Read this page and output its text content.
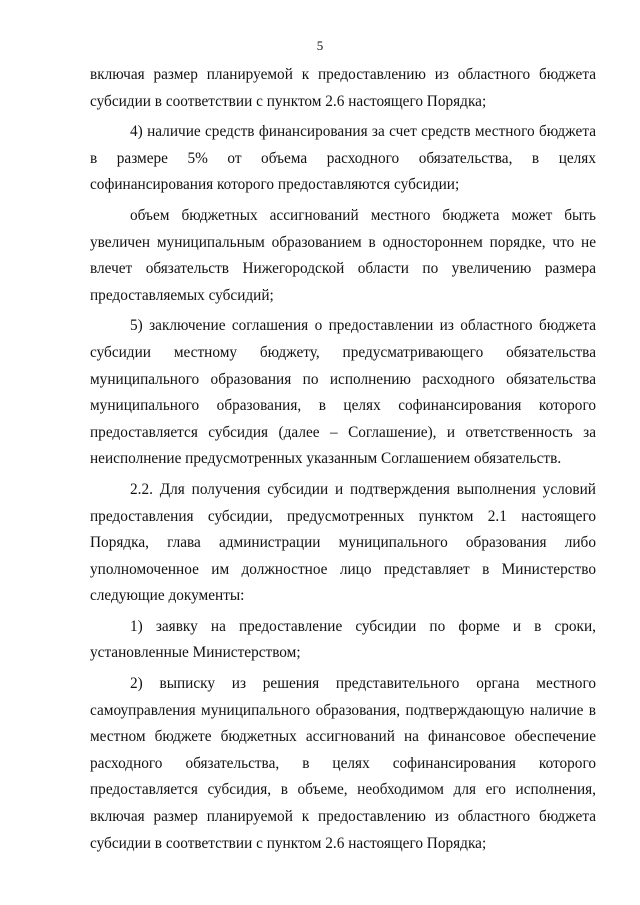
5

включая размер планируемой к предоставлению из областного бюджета субсидии в соответствии с пунктом 2.6 настоящего Порядка;

4) наличие средств финансирования за счет средств местного бюджета в размере 5% от объема расходного обязательства, в целях софинансирования которого предоставляются субсидии;

объем бюджетных ассигнований местного бюджета может быть увеличен муниципальным образованием в одностороннем порядке, что не влечет обязательств Нижегородской области по увеличению размера предоставляемых субсидий;

5) заключение соглашения о предоставлении из областного бюджета субсидии местному бюджету, предусматривающего обязательства муниципального образования по исполнению расходного обязательства муниципального образования, в целях софинансирования которого предоставляется субсидия (далее – Соглашение), и ответственность за неисполнение предусмотренных указанным Соглашением обязательств.

2.2. Для получения субсидии и подтверждения выполнения условий предоставления субсидии, предусмотренных пунктом 2.1 настоящего Порядка, глава администрации муниципального образования либо уполномоченное им должностное лицо представляет в Министерство следующие документы:

1) заявку на предоставление субсидии по форме и в сроки, установленные Министерством;

2) выписку из решения представительного органа местного самоуправления муниципального образования, подтверждающую наличие в местном бюджете бюджетных ассигнований на финансовое обеспечение расходного обязательства, в целях софинансирования которого предоставляется субсидия, в объеме, необходимом для его исполнения, включая размер планируемой к предоставлению из областного бюджета субсидии в соответствии с пунктом 2.6 настоящего Порядка;
